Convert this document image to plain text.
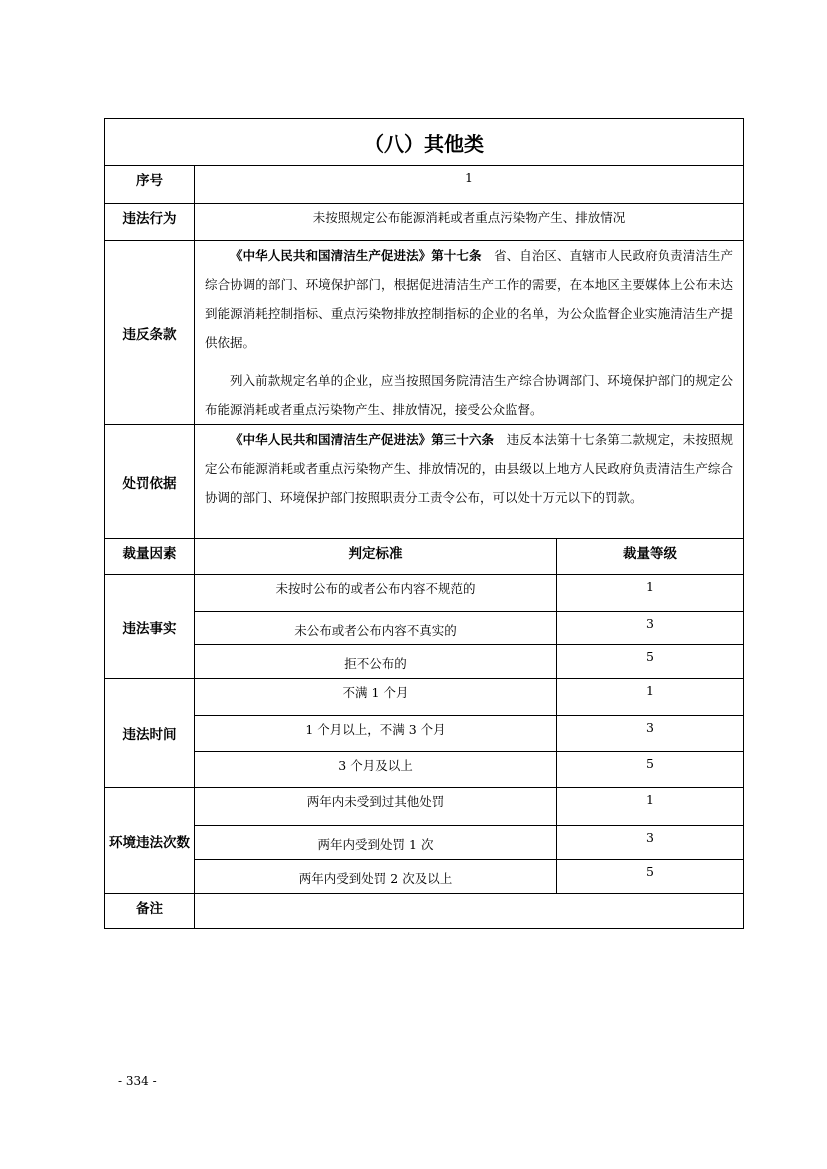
（八）其他类		
序号	1	
违法行为	未按照规定公布能源消耗或者重点污染物产生、排放情况	
违反条款	《中华人民共和国清洁生产促进法》第十七条　省、自治区、直辖市人民政府负责清洁生产综合协调的部门、环境保护部门，根据促进清洁生产工作的需要，在本地区主要媒体上公布未达到能源消耗控制指标、重点污染物排放控制指标的企业的名单，为公众监督企业实施清洁生产提供依据。
列入前款规定名单的企业，应当按照国务院清洁生产综合协调部门、环境保护部门的规定公布能源消耗或者重点污染物产生、排放情况，接受公众监督。	

处罚依据	《中华人民共和国清洁生产促进法》第三十六条　违反本法第十七条第二款规定，未按照规定公布能源消耗或者重点污染物产生、排放情况的，由县级以上地方人民政府负责清洁生产综合协调的部门、环境保护部门按照职责分工责令公布，可以处十万元以下的罚款。	

裁量因素	判定标准	裁量等级
违法事实	未按时公布的或者公布内容不规范的	1
	未公布或者公布内容不真实的	3
	拒不公布的	5
违法时间	不满 1 个月	1
	1 个月以上，不满 3 个月	3
	3 个月及以上	5
环境违法次数	两年内未受到过其他处罚	1
	两年内受到处罚 1 次	3
	两年内受到处罚 2 次及以上	5
备注		
- 334 -
